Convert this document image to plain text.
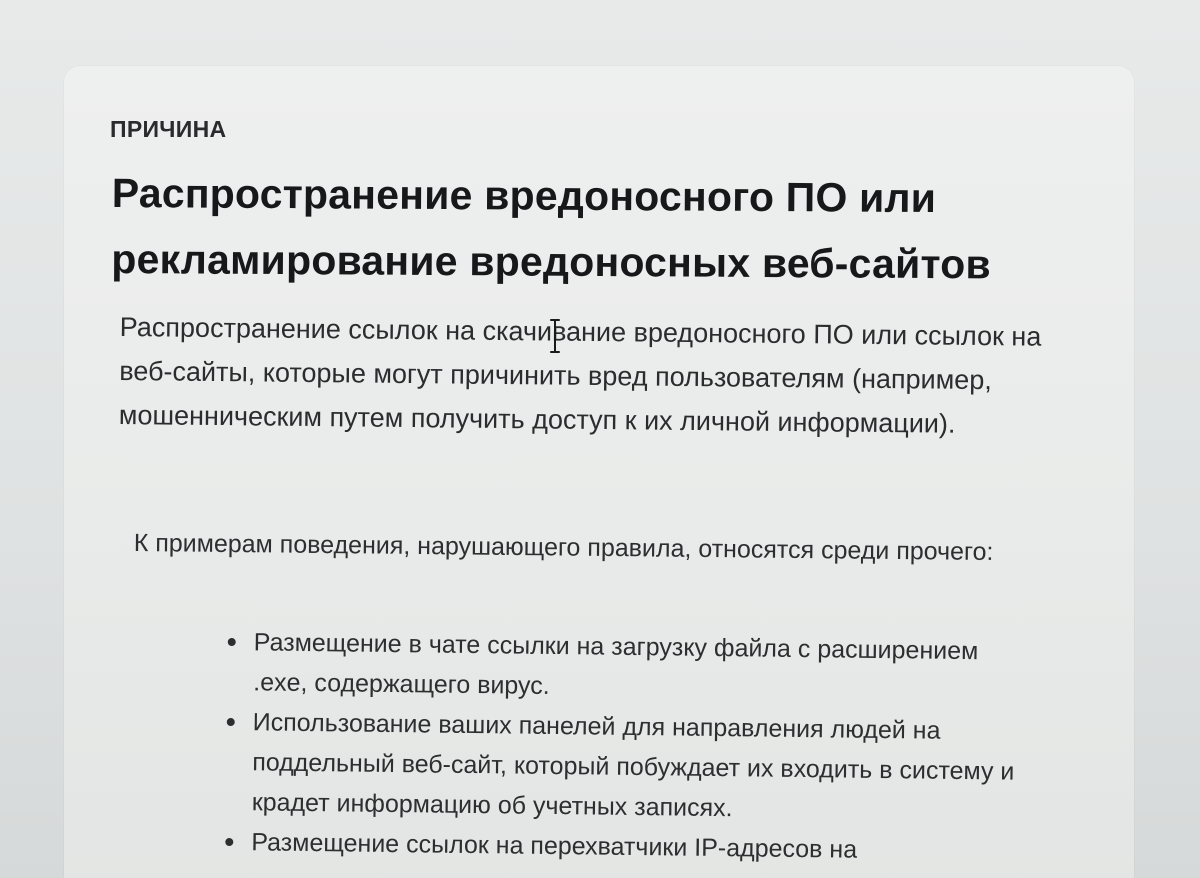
ПРИЧИНА
Распространение вредоносного ПО или рекламирование вредоносных веб-сайтов

Распространение ссылок на скачивание вредоносного ПО или ссылок на веб-сайты, которые могут причинить вред пользователям (например, мошенническим путем получить доступ к их личной информации).

К примерам поведения, нарушающего правила, относятся среди прочего:

Размещение в чате ссылки на загрузку файла с расширением .exe, содержащего вирус.
Использование ваших панелей для направления людей на поддельный веб-сайт, который побуждает их входить в систему и крадет информацию об учетных записях.
Размещение ссылок на перехватчики IP-адресов на
